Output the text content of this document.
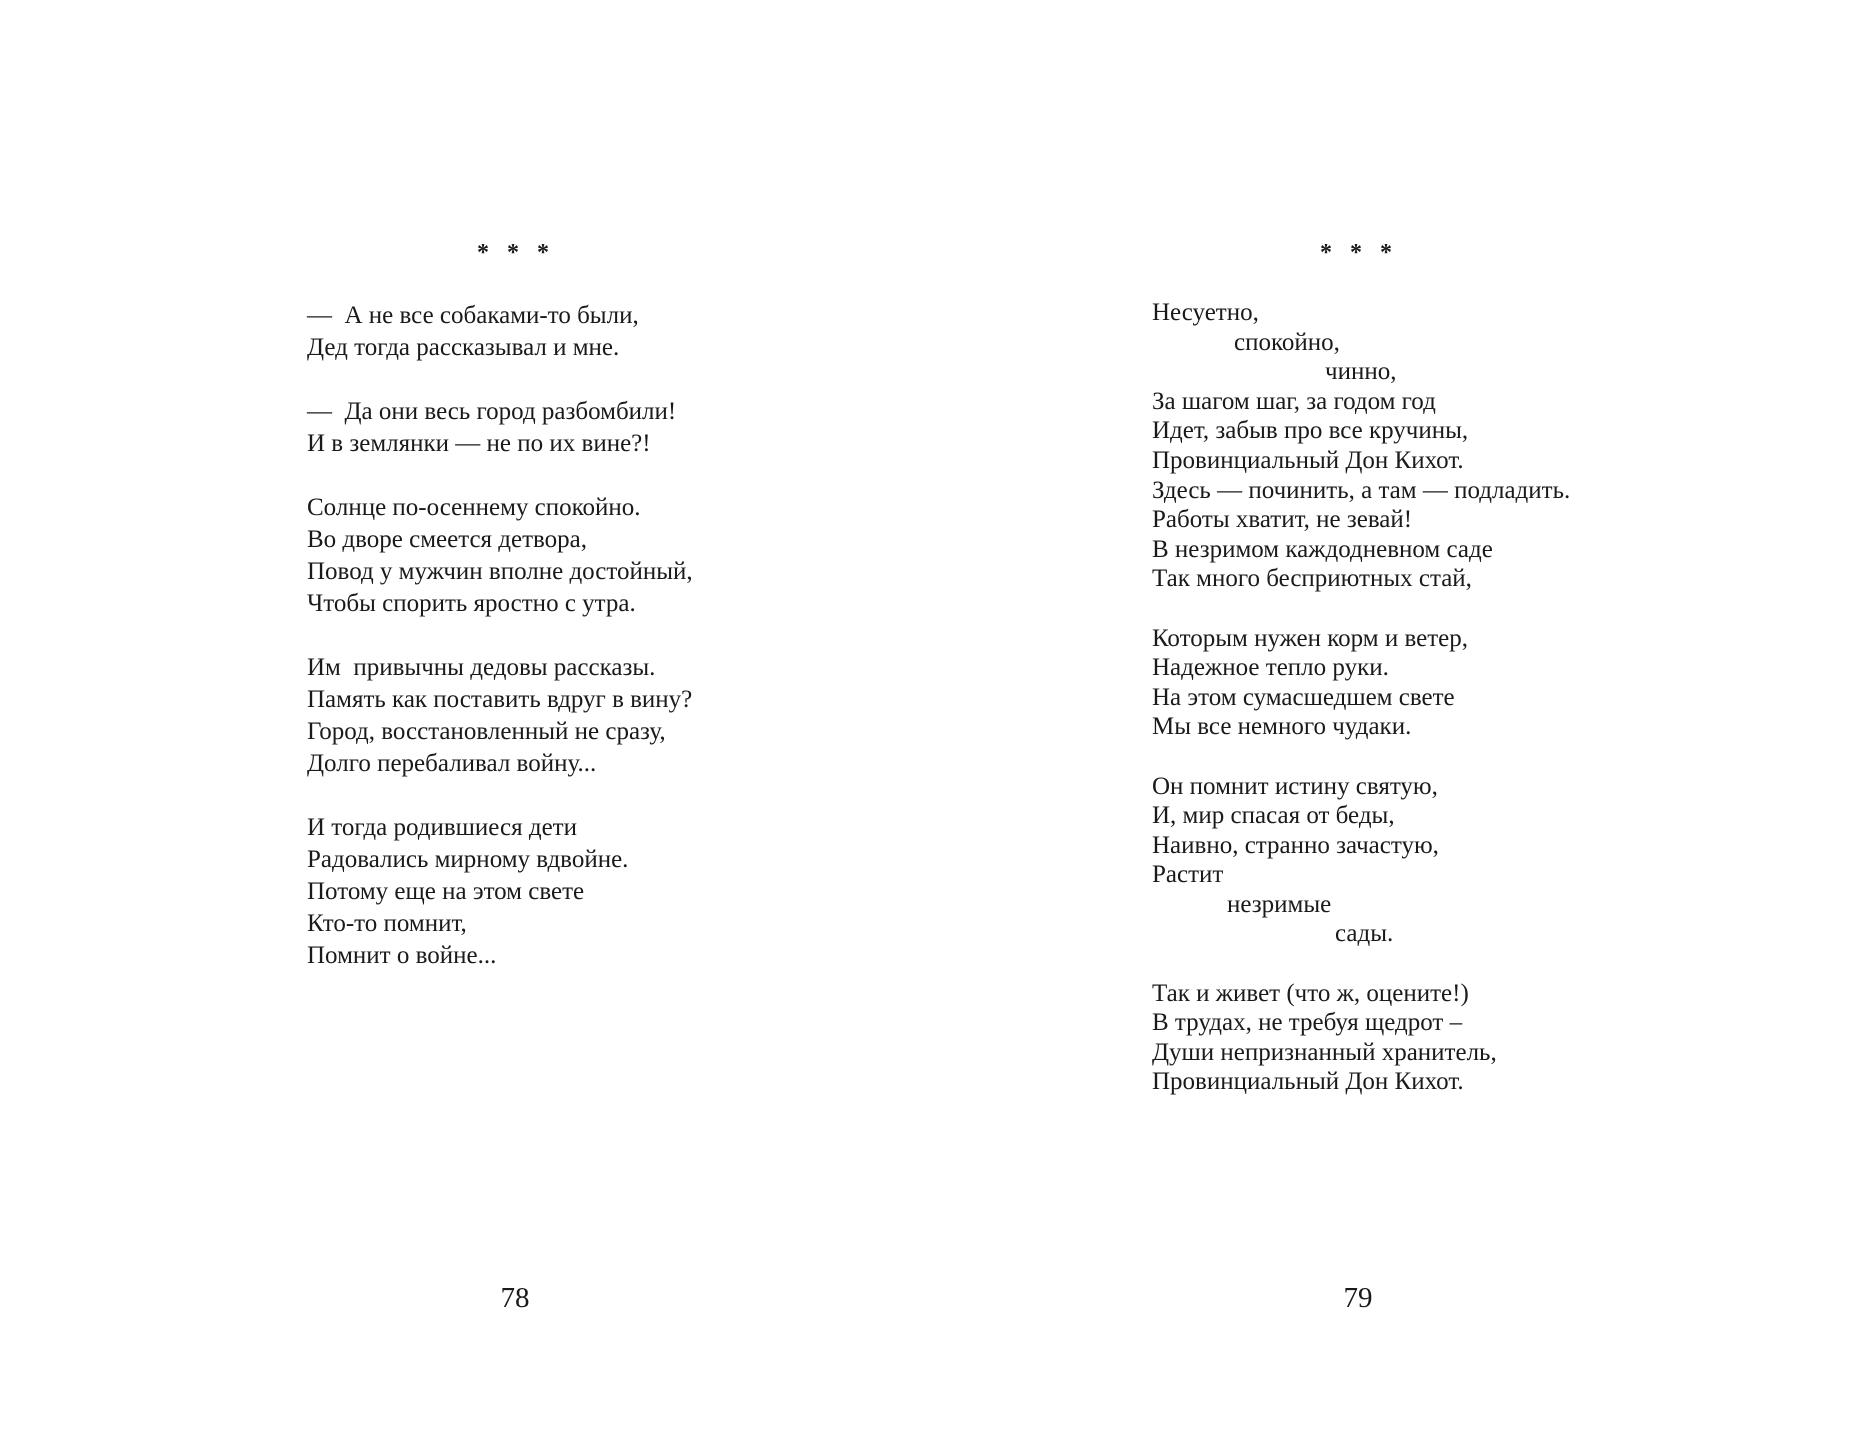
* * *
—  А не все собаками-то были,
Дед тогда рассказывал и мне.
—  Да они весь город разбомбили!
И в землянки — не по их вине?!
Солнце по-осеннему спокойно.
Во дворе смеется детвора,
Повод у мужчин вполне достойный,
Чтобы спорить яростно с утра.
Им  привычны дедовы рассказы.
Память как поставить вдруг в вину?
Город, восстановленный не сразу,
Долго перебаливал войну...
И тогда родившиеся дети
Радовались мирному вдвойне.
Потому еще на этом свете
Кто-то помнит,
Помнит о войне...
78
* * *
Несуетно,
спокойно,
чинно,
За шагом шаг, за годом год
Идет, забыв про все кручины,
Провинциальный Дон Кихот.
Здесь — починить, а там — подладить.
Работы хватит, не зевай!
В незримом каждодневном саде
Так много бесприютных стай,
Которым нужен корм и ветер,
Надежное тепло руки.
На этом сумасшедшем свете
Мы все немного чудаки.
Он помнит истину святую,
И, мир спасая от беды,
Наивно, странно зачастую,
Растит
незримые
сады.
Так и живет (что ж, оцените!)
В трудах, не требуя щедрот –
Души непризнанный хранитель,
Провинциальный Дон Кихот.
79
